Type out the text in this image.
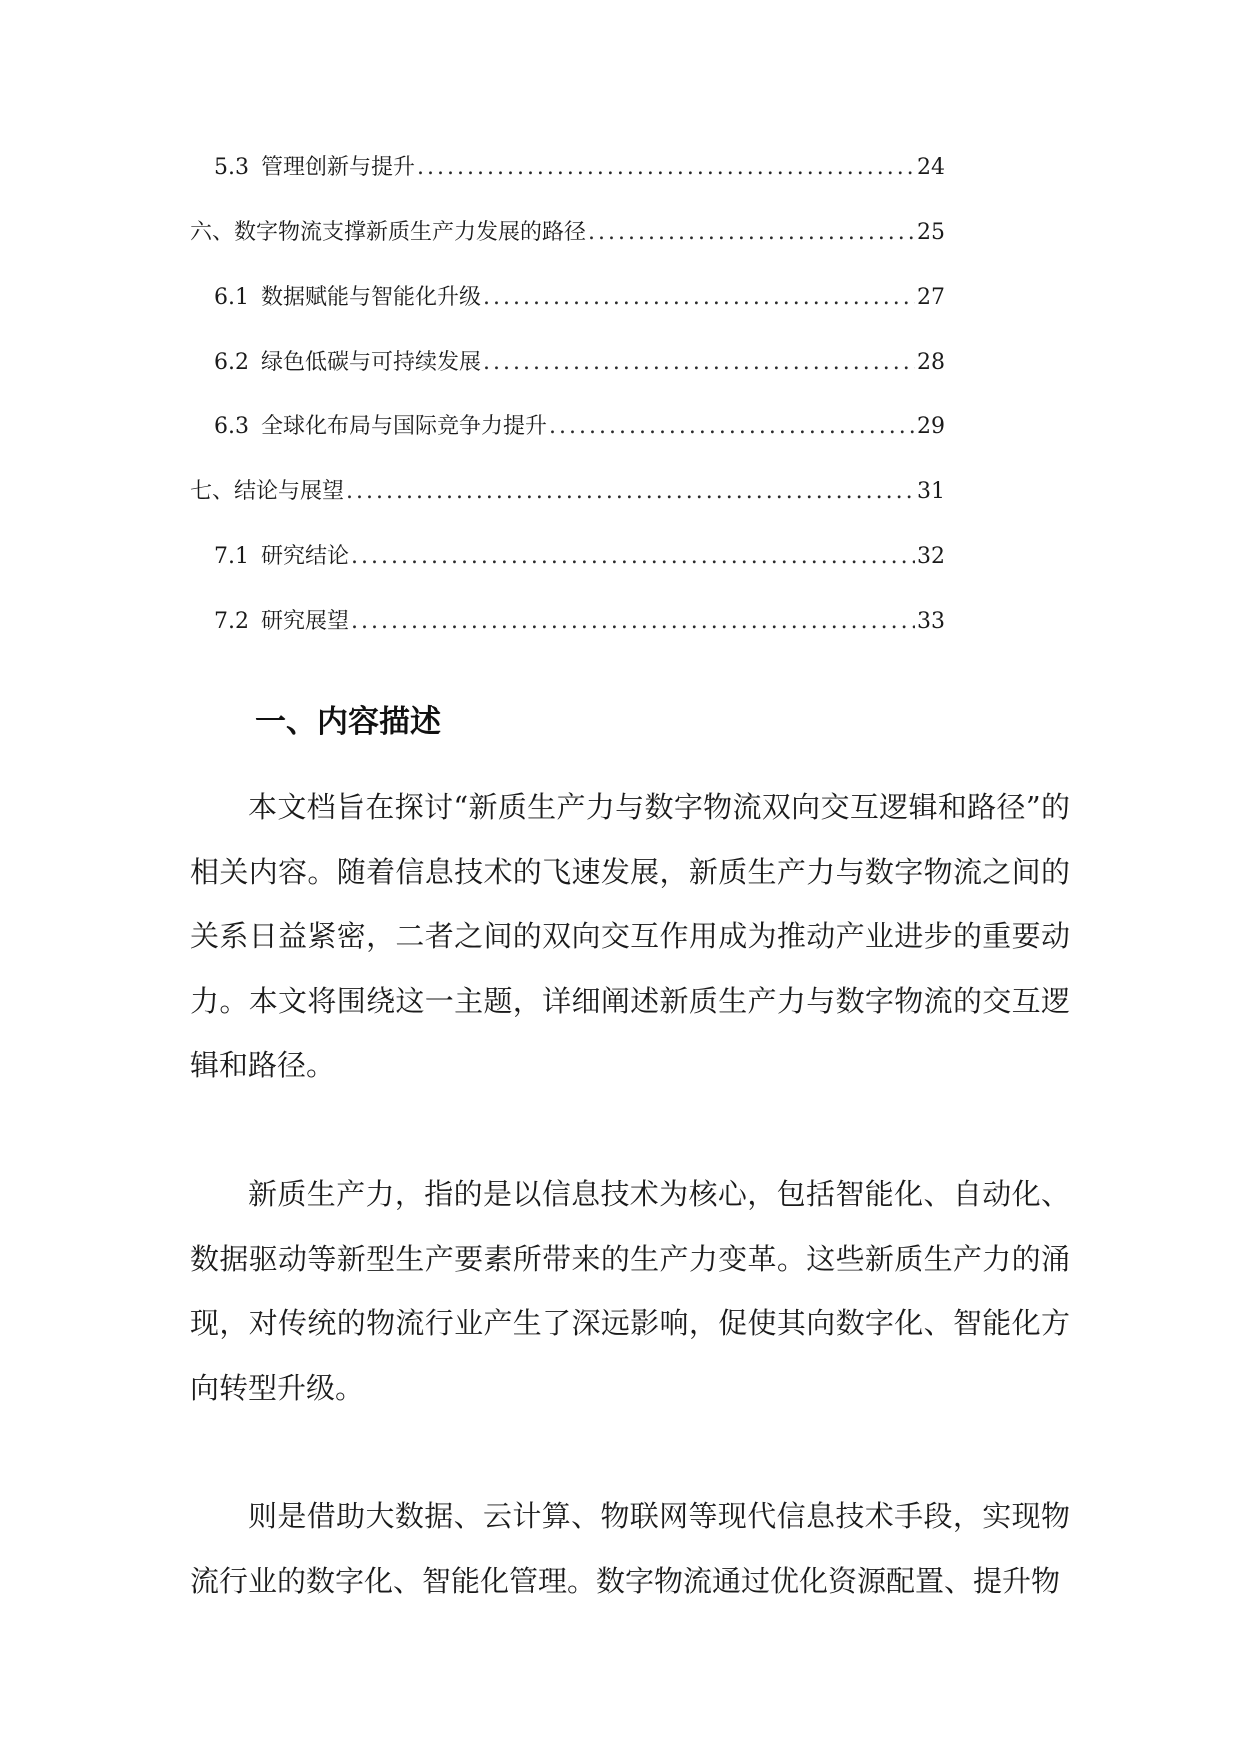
5.3 管理创新与提升 .....	24
六、数字物流支撑新质生产力发展的路径 .....	25
6.1 数据赋能与智能化升级 .....	27
6.2 绿色低碳与可持续发展 .....	28
6.3 全球化布局与国际竞争力提升 .....	29
七、结论与展望 .....	31
7.1 研究结论 .....	32
7.2 研究展望 .....	33
一、内容描述

本文档旨在探讨“新质生产力与数字物流双向交互逻辑和路径”的相关内容。随着信息技术的飞速发展，新质生产力与数字物流之间的关系日益紧密，二者之间的双向交互作用成为推动产业进步的重要动力。本文将围绕这一主题，详细阐述新质生产力与数字物流的交互逻辑和路径。

新质生产力，指的是以信息技术为核心，包括智能化、自动化、数据驱动等新型生产要素所带来的生产力变革。这些新质生产力的涌现，对传统的物流行业产生了深远影响，促使其向数字化、智能化方向转型升级。

则是借助大数据、云计算、物联网等现代信息技术手段，实现物流行业的数字化、智能化管理。数字物流通过优化资源配置、提升物
